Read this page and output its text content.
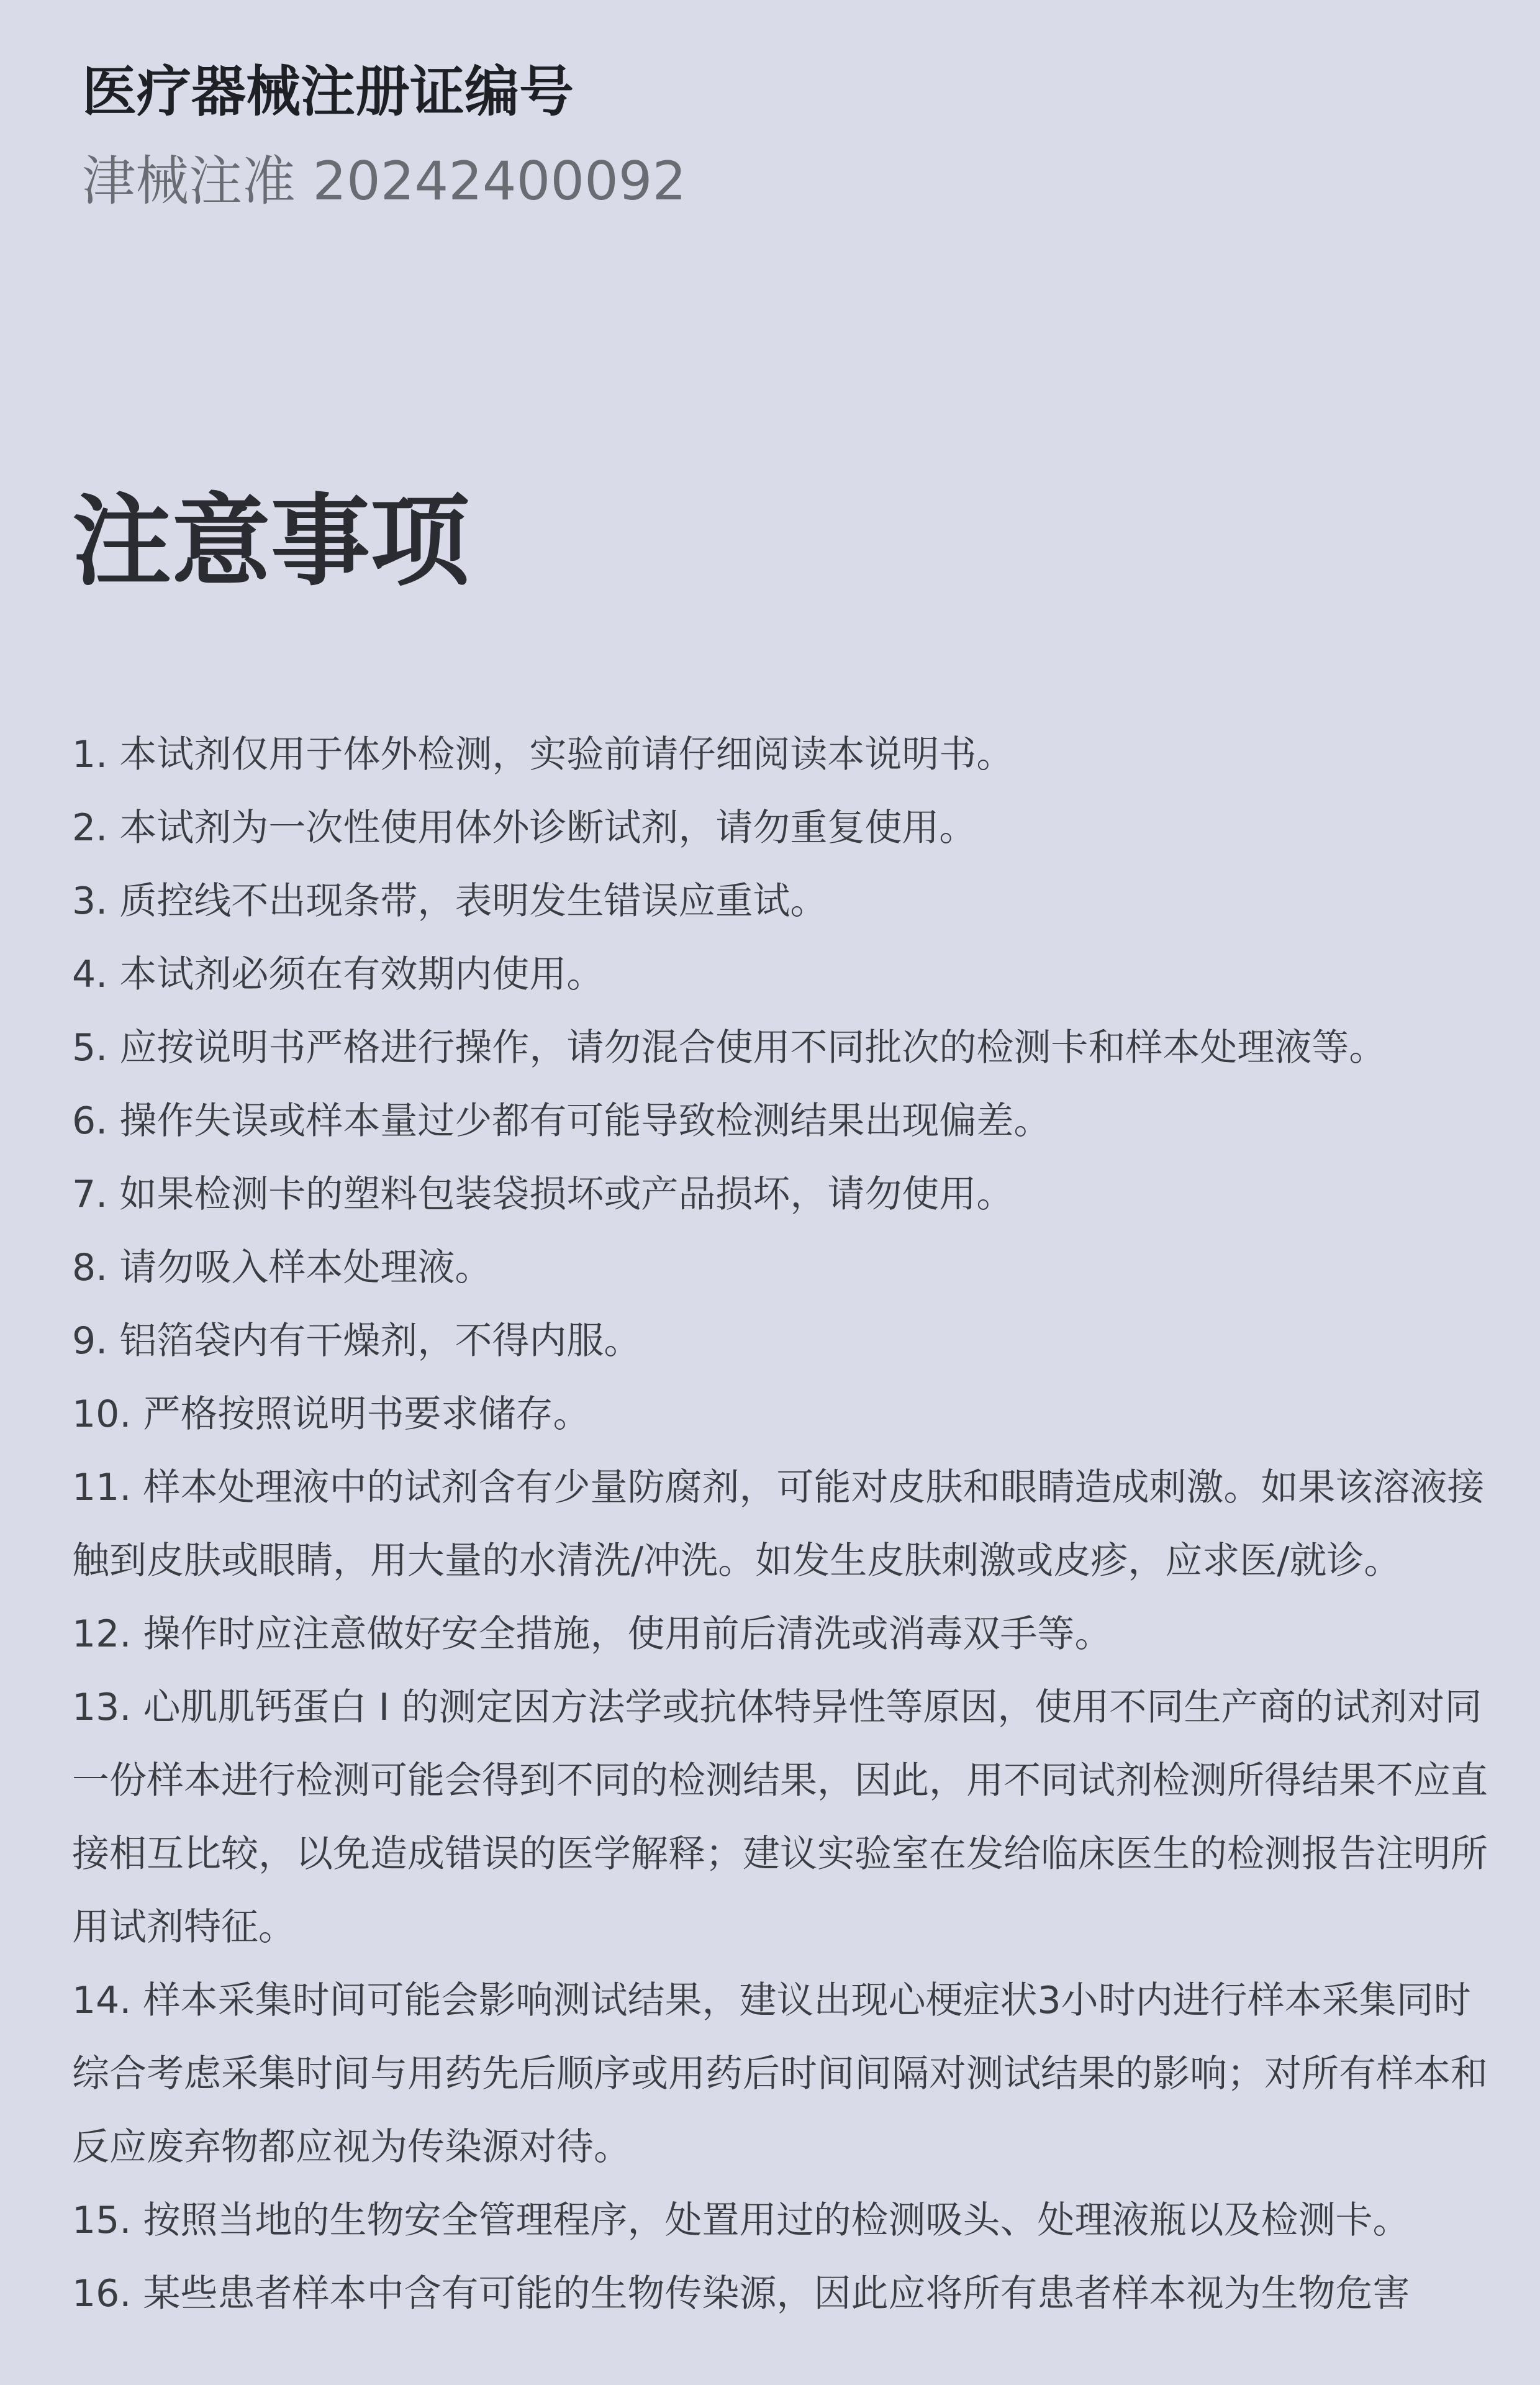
医疗器械注册证编号
津械注准 20242400092
注意事项
1. 本试剂仅用于体外检测，实验前请仔细阅读本说明书。
2. 本试剂为一次性使用体外诊断试剂，请勿重复使用。
3. 质控线不出现条带，表明发生错误应重试。
4. 本试剂必须在有效期内使用。
5. 应按说明书严格进行操作，请勿混合使用不同批次的检测卡和样本处理液等。
6. 操作失误或样本量过少都有可能导致检测结果出现偏差。
7. 如果检测卡的塑料包装袋损坏或产品损坏，请勿使用。
8. 请勿吸入样本处理液。
9. 铝箔袋内有干燥剂，不得内服。
10. 严格按照说明书要求储存。
11. 样本处理液中的试剂含有少量防腐剂，可能对皮肤和眼睛造成刺激。如果该溶液接触到皮肤或眼睛，用大量的水清洗/冲洗。如发生皮肤刺激或皮疹，应求医/就诊。
12. 操作时应注意做好安全措施，使用前后清洗或消毒双手等。
13. 心肌肌钙蛋白 I 的测定因方法学或抗体特异性等原因，使用不同生产商的试剂对同一份样本进行检测可能会得到不同的检测结果，因此，用不同试剂检测所得结果不应直接相互比较，以免造成错误的医学解释；建议实验室在发给临床医生的检测报告注明所用试剂特征。
14. 样本采集时间可能会影响测试结果，建议出现心梗症状3小时内进行样本采集同时综合考虑采集时间与用药先后顺序或用药后时间间隔对测试结果的影响；对所有样本和反应废弃物都应视为传染源对待。
15. 按照当地的生物安全管理程序，处置用过的检测吸头、处理液瓶以及检测卡。
16. 某些患者样本中含有可能的生物传染源，因此应将所有患者样本视为生物危害
